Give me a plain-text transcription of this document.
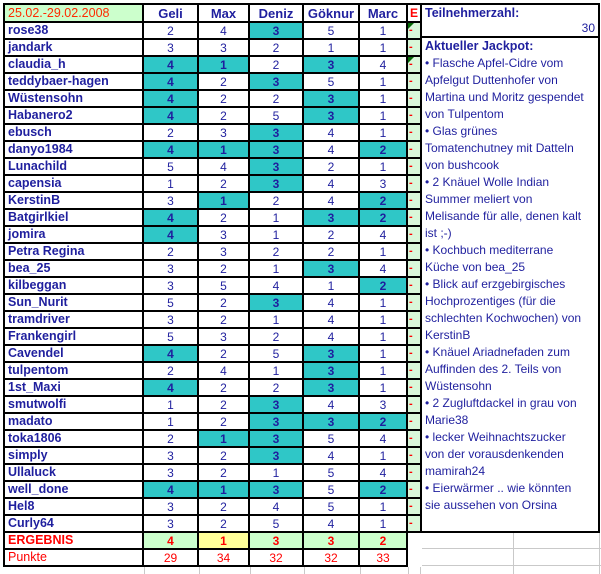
25.02.-29.02.2008	Geli	Max	Deniz	Göknur	Marc E
rose38	2	4	3	5	1	-
jandark	3	3	2	1	1	-
claudia_h	4	1	2	3	4	-
teddybaer-hagen	4	2	3	5	1	-
Wüstensohn	4	2	2	3	1	-
Habanero2	4	2	5	3	1	-
ebusch	2	3	3	4	1	-
danyo1984	4	1	3	4	2	-
Lunachild	5	4	3	2	1	-
capensia	1	2	3	4	3	-
KerstinB	3	1	2	4	2	-
Batgirlkiel	4	2	1	3	2	-
jomira	4	3	1	2	4	-
Petra Regina	2	3	2	2	1	-
bea_25	3	2	1	3	4	-
kilbeggan	3	5	4	1	2	-
Sun_Nurit	5	2	3	4	1	-
tramdriver	3	2	1	4	1	-
Frankengirl	5	3	2	4	1	-
Cavendel	4	2	5	3	1	-
tulpentom	2	4	1	3	1	-
1st_Maxi	4	2	2	3	1	-
smutwolfi	1	2	3	4	3	-
madato	1	2	3	3	2	-
toka1806	2	1	3	5	4	-
simply	3	2	3	4	1	-
Ullaluck	3	2	1	5	4	-
well_done	4	1	3	5	2	-
Hel8	3	2	4	5	1	-
Curly64	3	2	5	4	1	-
ERGEBNIS	4	1	3	3	2
Punkte	29	34	32	32	33
Teilnehmerzahl:
30
Aktueller Jackpot:
• Flasche Apfel-Cidre vom
Apfelgut Duttenhofer von
Martina und Moritz gespendet
von Tulpentom
• Glas grünes
Tomatenchutney mit Datteln
von bushcook
• 2 Knäuel Wolle Indian
Summer meliert von
Melisande für alle, denen kalt
ist ;-)
• Kochbuch mediterrane
Küche von bea_25
• Blick auf erzgebirgisches
Hochprozentiges (für die
schlechten Kochwochen) von
KerstinB
• Knäuel Ariadnefaden zum
Auffinden des 2. Teils von
Wüstensohn
• 2 Zugluftdackel in grau von
Marie38
• lecker Weihnachtszucker
von der vorausdenkenden
mamirah24
• Eierwärmer .. wie könnten
sie aussehen von Orsina
